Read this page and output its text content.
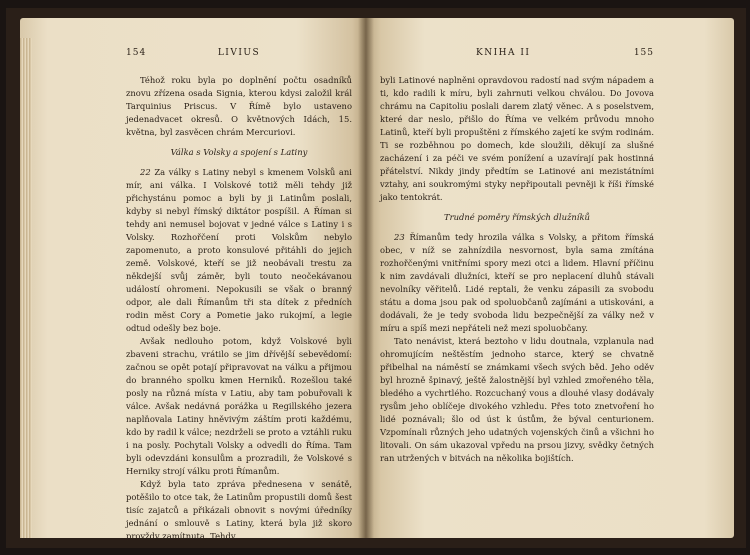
154	LIVIUS

Téhož roku byla po doplnění počtu osadníků znovu zřízena osada Signia, kterou kdysi založil král Tarquinius Priscus. V Římě bylo ustaveno jedenadvacet okresů. O květnových Idách, 15. května, byl zasvěcen chrám Mercuriovi.

Válka s Volsky a spojení s Latiny

22 Za války s Latiny nebyl s kmenem Volsků ani mír, ani válka. I Volskové totiž měli tehdy již přichystánu pomoc a byli by ji Latinům poslali, kdyby si nebyl římský diktátor pospíšil. A Říman si tehdy ani nemusel bojovat v jedné válce s Latiny i s Volsky. Rozhořčení proti Volskům nebylo zapomenuto, a proto konsulové přitáhli do jejich země. Volskové, kteří se již neobávali trestu za někdejší svůj záměr, byli touto neočekávanou událostí ohromeni. Nepokusili se však o branný odpor, ale dali Římanům tři sta dítek z předních rodin měst Cory a Pometie jako rukojmí, a legie odtud odešly bez boje.

Avšak nedlouho potom, když Volskové byli zbaveni strachu, vrátilo se jim dřívější sebevědomí: začnou se opět potají připravovat na válku a přijmou do branného spolku kmen Herniků. Rozešlou také posly na různá místa v Latiu, aby tam pobuřovali k válce. Avšak nedávná porážka u Regillského jezera naplňovala Latiny hněvivým záštím proti každému, kdo by radil k válce; nezdrželi se proto a vztáhli ruku i na posly. Pochytali Volsky a odvedli do Říma. Tam byli odevzdáni konsulům a prozradili, že Volskové s Herniky strojí válku proti Římanům.

Když byla tato zpráva přednesena v senátě, potěšilo to otce tak, že Latinům propustili domů šest tisíc zajatců a přikázali obnovit s novými úředníky jednání o smlouvě s Latiny, která byla již skoro provždy zamítnuta. Tehdy

KNIHA II	155

byli Latinové naplněni opravdovou radostí nad svým nápadem a ti, kdo radili k míru, byli zahrnuti velkou chválou. Do Jovova chrámu na Capitoliu poslali darem zlatý věnec. A s poselstvem, které dar neslo, přišlo do Říma ve velkém průvodu mnoho Latinů, kteří byli propuštěni z římského zajetí ke svým rodinám. Ti se rozběhnou po domech, kde sloužili, děkují za slušné zacházení i za péči ve svém ponížení a uzavírají pak hostinná přátelství. Nikdy jindy předtím se Latinové ani mezistátními vztahy, ani soukromými styky nepřipoutali pevněji k říši římské jako tentokrát.

Trudné poměry římských dlužníků

23 Římanům tedy hrozila válka s Volsky, a přitom římská obec, v níž se zahnízdila nesvornost, byla sama zmítána rozhořčenými vnitřními spory mezi otci a lidem. Hlavní příčinu k nim zavdávali dlužníci, kteří se pro neplacení dluhů stávali nevolníky věřitelů. Lidé reptali, že venku zápasili za svobodu státu a doma jsou pak od spoluobčanů zajímáni a utiskováni, a dodávali, že je tedy svoboda lidu bezpečnější za války než v míru a spíš mezi nepřáteli než mezi spoluobčany.

Tato nenávist, která beztoho v lidu doutnala, vzplanula nad ohromujícím neštěstím jednoho starce, který se chvatně přibelhal na náměstí se známkami všech svých běd. Jeho oděv byl hrozně špinavý, ještě žalostnější byl vzhled zmořeného těla, bledého a vychrtlého. Rozcuchaný vous a dlouhé vlasy dodávaly rysům jeho oblíčeje divokého vzhledu. Přes toto znetvoření ho lidé poznávali; šlo od úst k ústům, že býval centurionem. Vzpomínali různých jeho udatných vojenských činů a všichni ho litovali. On sám ukazoval vpředu na prsou jizvy, svědky četných ran utržených v bitvách na několika bojištích.
